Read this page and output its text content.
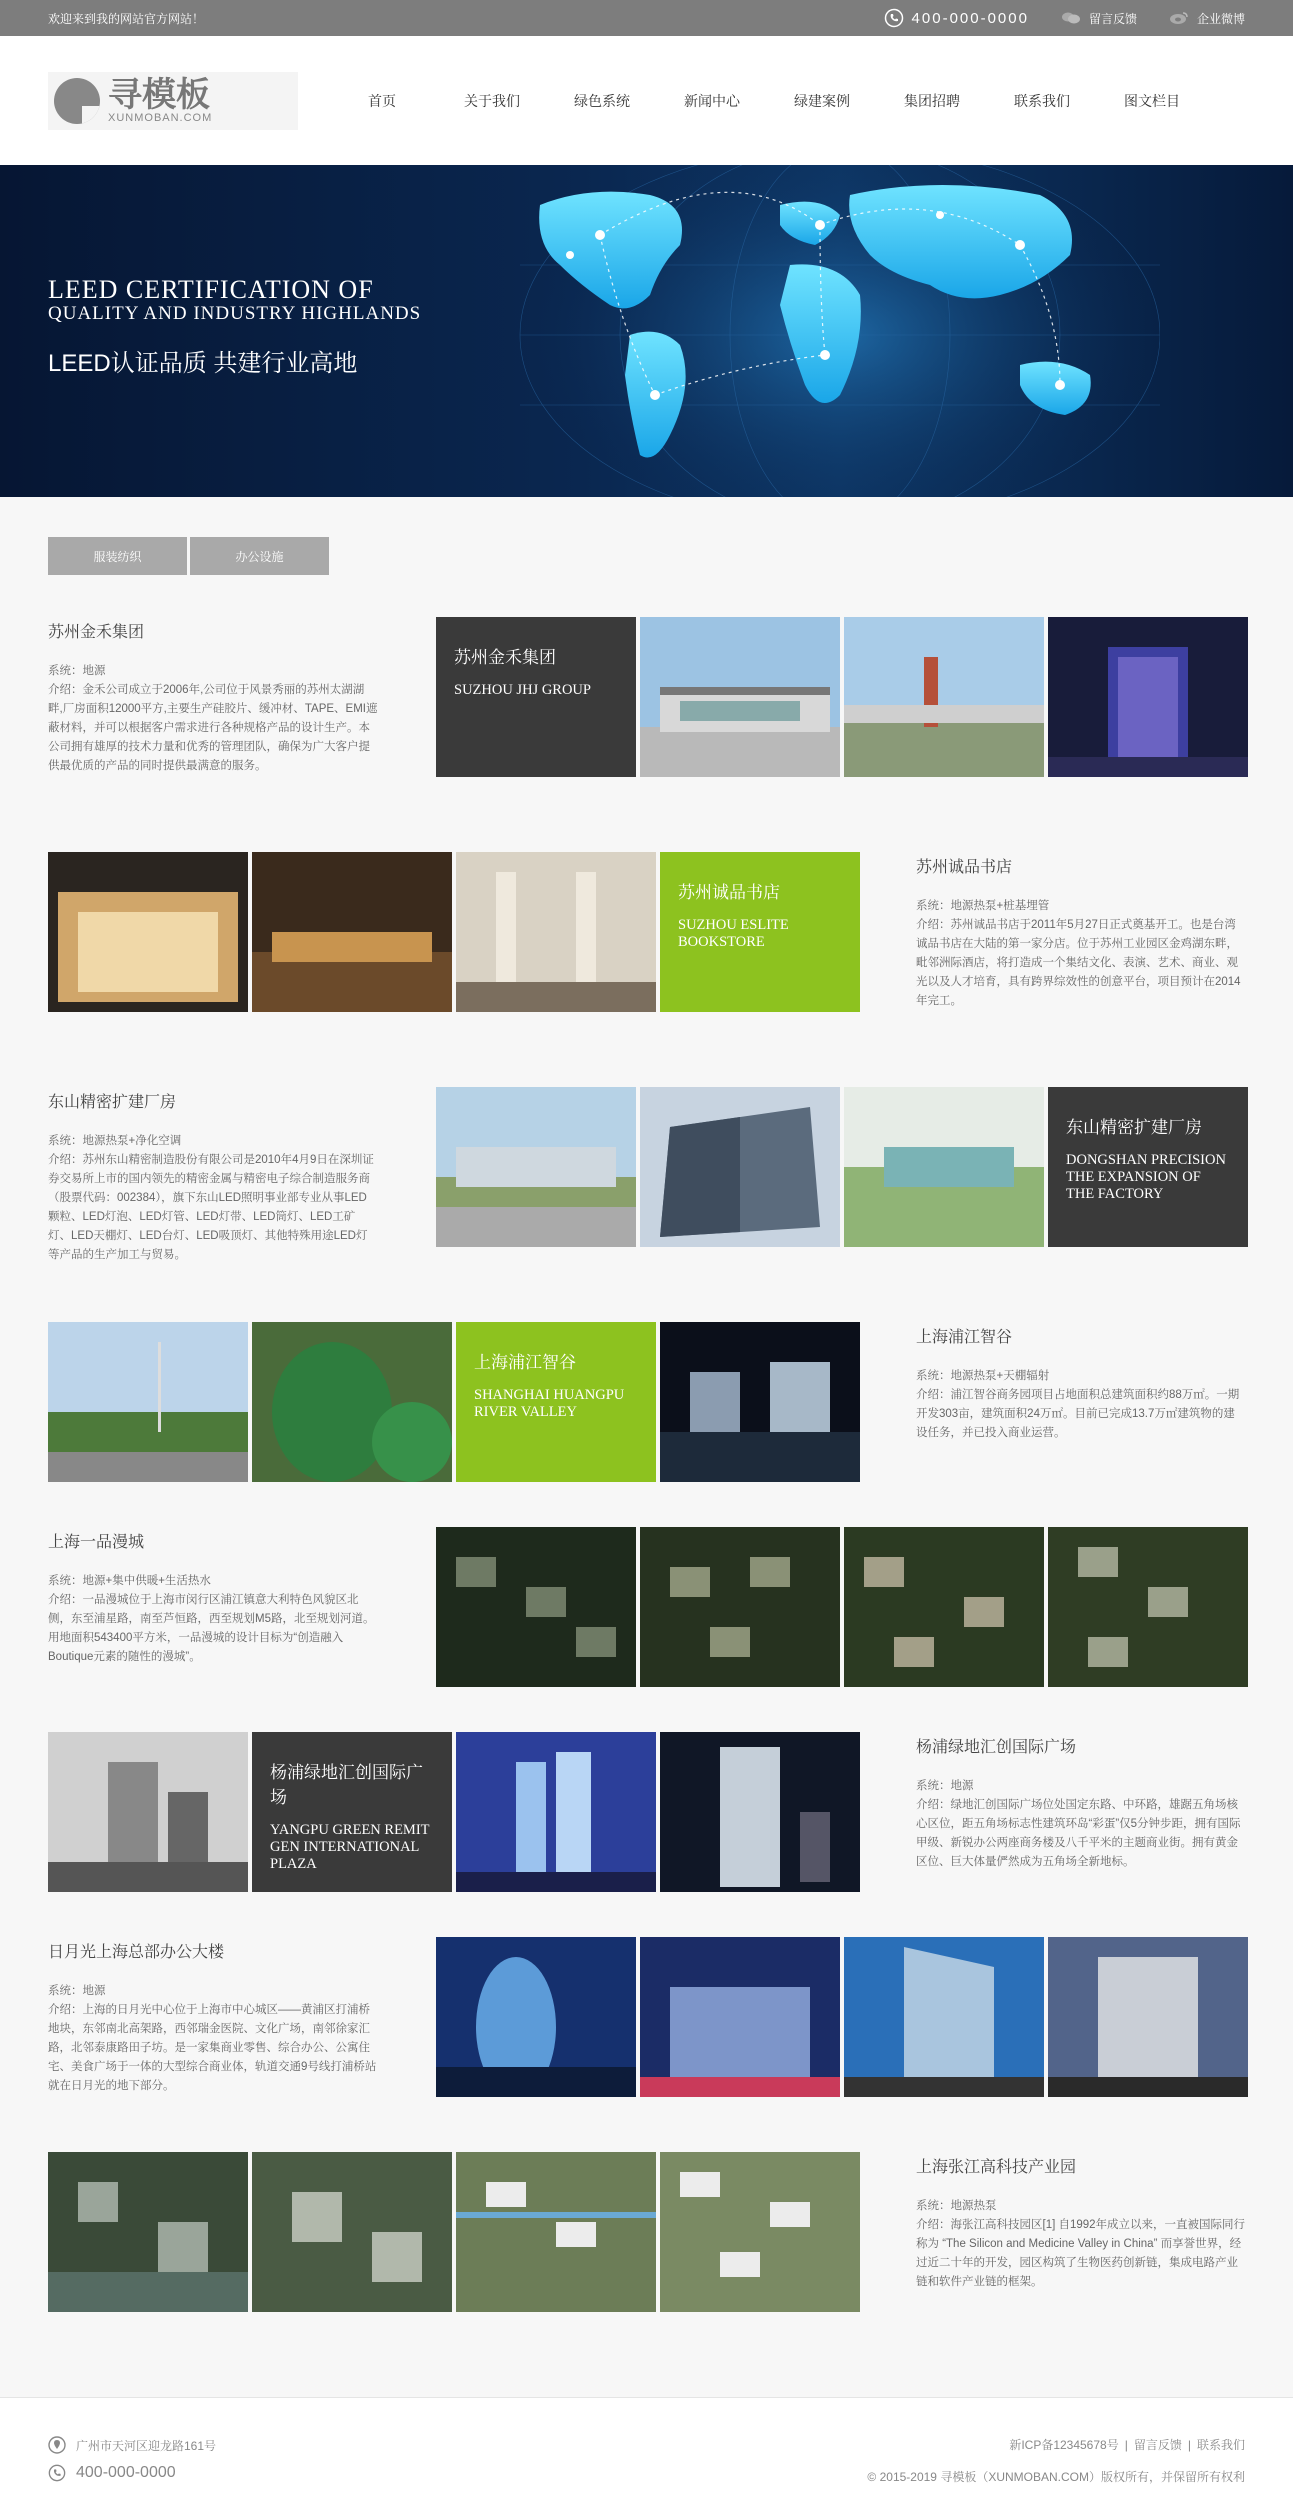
欢迎来到我的网站官方网站！	400-000-0000	留言反馈	企业微博
寻模板
XUNMOBAN.COM
首页	关于我们	绿色系统	新闻中心	绿建案例	集团招聘	联系我们	图文栏目
LEED CERTIFICATION OF
QUALITY AND INDUSTRY HIGHLANDS
LEED认证品质 共建行业高地
服装纺织	办公设施
苏州金禾集团

系统：地源

介绍：金禾公司成立于2006年,公司位于风景秀丽的苏州太湖湖畔,厂房面积12000平方,主要生产硅胶片、缓冲材、TAPE、EMI遮蔽材料，并可以根据客户需求进行各种规格产品的设计生产。本公司拥有雄厚的技术力量和优秀的管理团队，确保为广大客户提供最优质的产品的同时提供最满意的服务。

苏州金禾集团
SUZHOU JHJ GROUP
苏州诚品书店
SUZHOU ESLITE BOOKSTORE
苏州诚品书店

系统：地源热泵+桩基埋管

介绍：苏州诚品书店于2011年5月27日正式奠基开工。也是台湾诚品书店在大陆的第一家分店。位于苏州工业园区金鸡湖东畔，毗邻洲际酒店，将打造成一个集结文化、表演、艺术、商业、观光以及人才培育，具有跨界综效性的创意平台，项目预计在2014年完工。

东山精密扩建厂房

系统：地源热泵+净化空调

介绍：苏州东山精密制造股份有限公司是2010年4月9日在深圳证券交易所上市的国内领先的精密金属与精密电子综合制造服务商（股票代码：002384），旗下东山LED照明事业部专业从事LED颗粒、LED灯泡、LED灯管、LED灯带、LED筒灯、LED工矿灯、LED天棚灯、LED台灯、LED吸顶灯、其他特殊用途LED灯等产品的生产加工与贸易。

东山精密扩建厂房
DONGSHAN PRECISION THE EXPANSION OF THE FACTORY
上海浦江智谷
SHANGHAI HUANGPU RIVER VALLEY
上海浦江智谷

系统：地源热泵+天棚辐射

介绍：浦江智谷商务园项目占地面积总建筑面积约88万㎡。一期开发303亩，建筑面积24万㎡。目前已完成13.7万㎡建筑物的建设任务，并已投入商业运营。

上海一品漫城

系统：地源+集中供暖+生活热水

介绍：一品漫城位于上海市闵行区浦江镇意大利特色风貌区北侧，东至浦星路，南至芦恒路，西至规划M5路，北至规划河道。用地面积543400平方米，一品漫城的设计目标为“创造融入Boutique元素的随性的漫城”。

杨浦绿地汇创国际广场
YANGPU GREEN REMIT GEN INTERNATIONAL PLAZA
杨浦绿地汇创国际广场

系统：地源

介绍：绿地汇创国际广场位处国定东路、中环路，雄踞五角场核心区位，距五角场标志性建筑环岛“彩蛋”仅5分钟步距，拥有国际甲级、新锐办公两座商务楼及八千平米的主题商业街。拥有黄金区位、巨大体量俨然成为五角场全新地标。

日月光上海总部办公大楼

系统：地源

介绍：上海的日月光中心位于上海市中心城区——黄浦区打浦桥地块，东邻南北高架路，西邻瑞金医院、文化广场，南邻徐家汇路，北邻泰康路田子坊。是一家集商业零售、综合办公、公寓住宅、美食广场于一体的大型综合商业体，轨道交通9号线打浦桥站就在日月光的地下部分。

上海张江高科技产业园

系统：地源热泵

介绍：海张江高科技园区[1] 自1992年成立以来，一直被国际同行称为 “The Silicon and Medicine Valley in China” 而享誉世界，经过近二十年的开发，园区构筑了生物医药创新链，集成电路产业链和软件产业链的框架。

广州市天河区迎龙路161号
400-000-0000
新ICP备12345678号 | 留言反馈 | 联系我们
© 2015-2019 寻模板（XUNMOBAN.COM）版权所有，并保留所有权利
